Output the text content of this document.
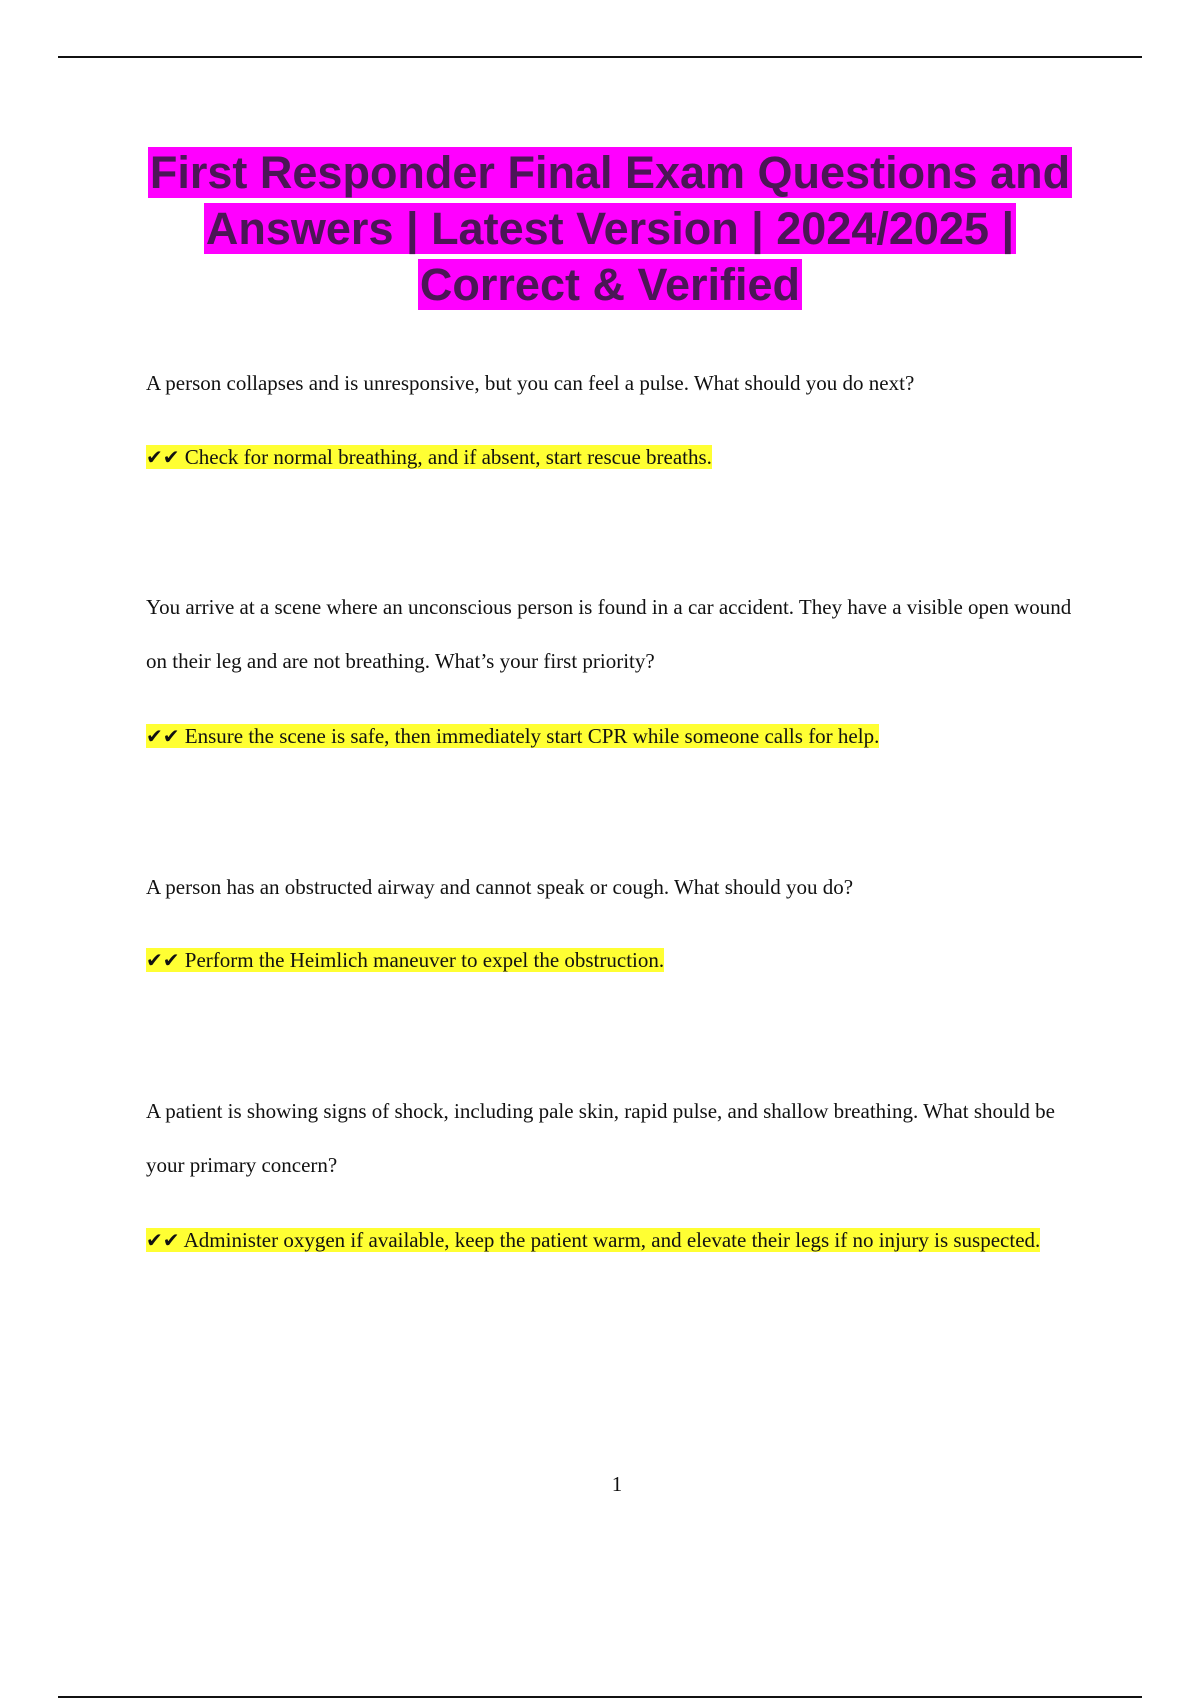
First Responder Final Exam Questions and Answers | Latest Version | 2024/2025 | Correct & Verified

A person collapses and is unresponsive, but you can feel a pulse. What should you do next?

✔✔ Check for normal breathing, and if absent, start rescue breaths.

You arrive at a scene where an unconscious person is found in a car accident. They have a visible open wound on their leg and are not breathing. What’s your first priority?

✔✔ Ensure the scene is safe, then immediately start CPR while someone calls for help.

A person has an obstructed airway and cannot speak or cough. What should you do?

✔✔ Perform the Heimlich maneuver to expel the obstruction.

A patient is showing signs of shock, including pale skin, rapid pulse, and shallow breathing. What should be your primary concern?

✔✔ Administer oxygen if available, keep the patient warm, and elevate their legs if no injury is suspected.

1
